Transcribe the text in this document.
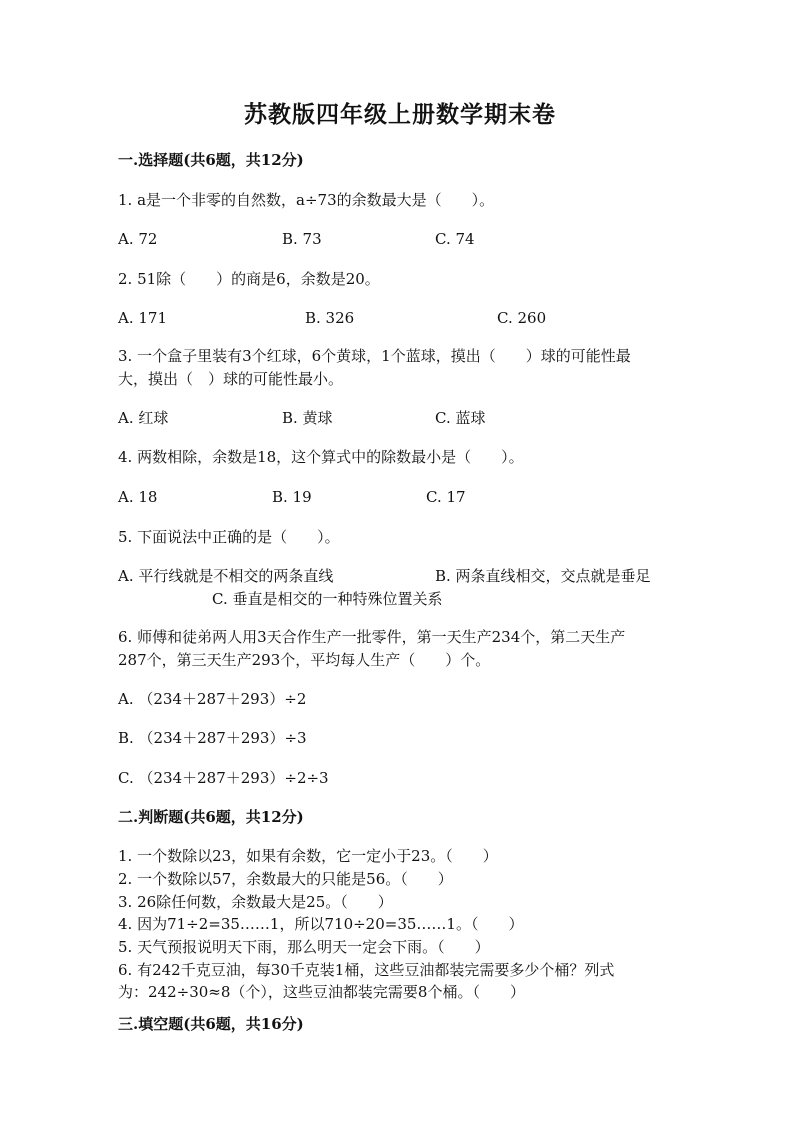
苏教版四年级上册数学期末卷
一.选择题(共6题，共12分)
1. a是一个非零的自然数，a÷73的余数最大是（　　）。
A. 72	B. 73	C. 74
2. 51除（　　）的商是6，余数是20。
A. 171	B. 326	C. 260
3. 一个盒子里装有3个红球，6个黄球，1个蓝球，摸出（　　）球的可能性最
大，摸出（　）球的可能性最小。
A. 红球	B. 黄球	C. 蓝球
4. 两数相除，余数是18，这个算式中的除数最小是（　　）。
A. 18	B. 19	C. 17
5. 下面说法中正确的是（　　）。
A. 平行线就是不相交的两条直线	B. 两条直线相交，交点就是垂足
C. 垂直是相交的一种特殊位置关系
6. 师傅和徒弟两人用3天合作生产一批零件，第一天生产234个，第二天生产
287个，第三天生产293个，平均每人生产（　　）个。
A. （234＋287＋293）÷2
B. （234＋287＋293）÷3
C. （234＋287＋293）÷2÷3
二.判断题(共6题，共12分)
1. 一个数除以23，如果有余数，它一定小于23。（　　）
2. 一个数除以57，余数最大的只能是56。（　　）
3. 26除任何数，余数最大是25。（　　）
4. 因为71÷2=35……1，所以710÷20=35……1。（　　）
5. 天气预报说明天下雨，那么明天一定会下雨。（　　）
6. 有242千克豆油，每30千克装1桶，这些豆油都装完需要多少个桶？列式
为：242÷30≈8（个），这些豆油都装完需要8个桶。（　　）
三.填空题(共6题，共16分)
